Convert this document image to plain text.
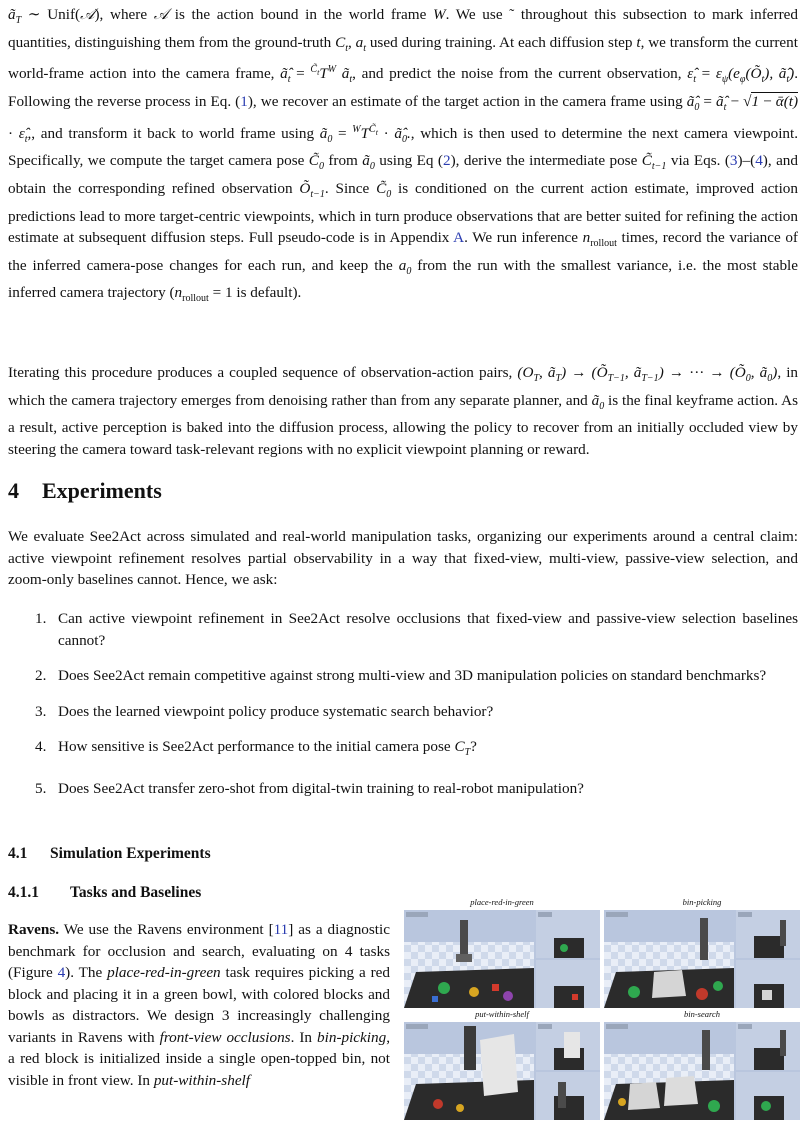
$ã_T$ ∼ Unif(𝒜), where 𝒜 is the action bound in the world frame W. We use ˜ throughout this subsection to mark inferred quantities, distinguishing them from the ground-truth $C_t$, $a_t$ used during training. At each diffusion step t, we transform the current world-frame action into the camera frame, $ã̂_t = ^{C̃_t}T^W$ $ã_t$, and predict the noise from the current observation, $\varepsilon̂_t$ = $\varepsilon_\psi(e_\varphi(Õ_t)$, $ã̂_t$). Following the reverse process in Eq. (1), we recover an estimate of the target action in the camera frame using $ã̂_0$ = $ã̂_t - √1$ − ᾱ(t) · $\varepsilon̂_t$,, and transform it back to world frame using $ã_0 = ^WT^{C̃_t}$ · $ã̂_0$., which is then used to determine the next camera viewpoint. Specifically, we compute the target camera pose $C̃_0$ from $ã_0$ using Eq (2), derive the intermediate pose $C̃_{t-1}$ via Eqs. (3)–(4), and obtain the corresponding refined observation $Õ_{t-1}$. Since $C̃_0$ is conditioned on the current action estimate, improved action predictions lead to more target-centric viewpoints, which in turn produce observations that are better suited for refining the action estimate at subsequent diffusion steps. Full pseudo-code is in Appendix A. We run inference $n_{rollout}$ times, record the variance of the inferred camera-pose changes for each run, and keep the $a_0$ from the run with the smallest variance, i.e. the most stable inferred camera trajectory ($n_{rollout} = 1$ is default).

Iterating this procedure produces a coupled sequence of observation-action pairs, ($O_T$, $ã_T$) → ($Õ_{T-1}$, $ã_{T-1}$) → ··· → ($Õ_0$, $ã_0$), in which the camera trajectory emerges from denoising rather than from any separate planner, and $ã_0$ is the final keyframe action. As a result, active perception is baked into the diffusion process, allowing the policy to recover from an initially occluded view by steering the camera toward task-relevant regions with no explicit viewpoint planning or reward.

4 Experiments

We evaluate See2Act across simulated and real-world manipulation tasks, organizing our experiments around a central claim: active viewpoint refinement resolves partial observability in a way that fixed-view, multi-view, passive-view selection, and zoom-only baselines cannot. Hence, we ask:

1. Can active viewpoint refinement in See2Act resolve occlusions that fixed-view and passive-view selection baselines cannot?
2. Does See2Act remain competitive against strong multi-view and 3D manipulation policies on standard benchmarks?
3. Does the learned viewpoint policy produce systematic search behavior?
4. How sensitive is See2Act performance to the initial camera pose $C_T$?
5. Does See2Act transfer zero-shot from digital-twin training to real-robot manipulation?
4.1 Simulation Experiments
4.1.1 Tasks and Baselines

Ravens. We use the Ravens environment [11] as a diagnostic benchmark for occlusion and search, evaluating on 4 tasks (Figure 4). The place-red-in-green task requires picking a red block and placing it in a green bowl, with colored blocks and bowls as distractors. We design 3 increasingly challenging variants in Ravens with front-view occlusions. In bin-picking, a red block is initialized inside a single open-topped bin, not visible in front view. In put-within-shelf

place-red-in-green	bin-picking
put-within-shelf	bin-search
